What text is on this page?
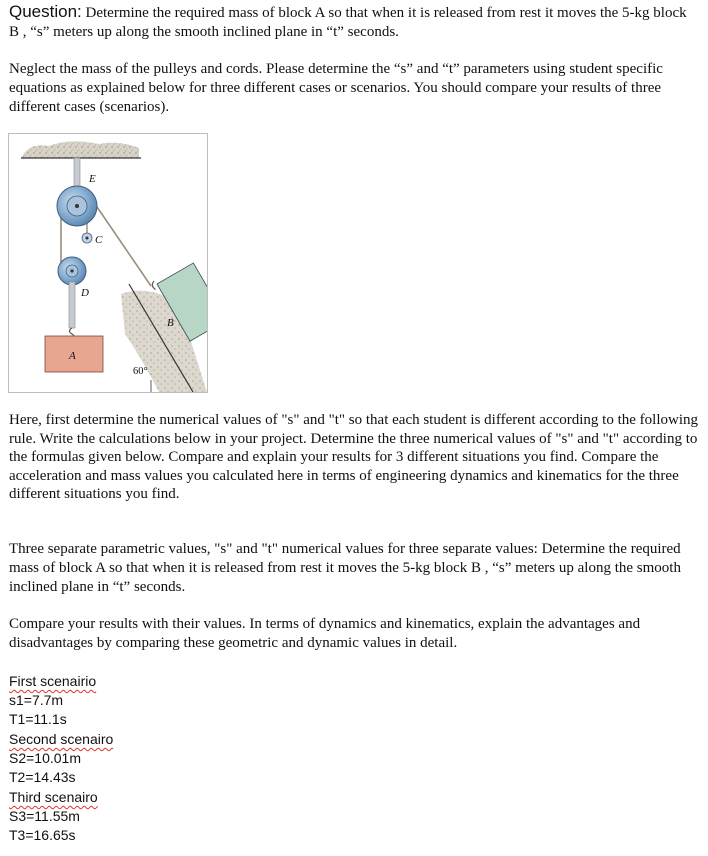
Question: Determine the required mass of block A so that when it is released from rest it moves the 5-kg block B , “s” meters up along the smooth inclined plane in “t” seconds.

Neglect the mass of the pulleys and cords. Please determine the “s” and “t” parameters using student specific equations as explained below for three different cases or scenarios. You should compare your results of three different cases (scenarios).

E
C
D
A
B
60°

Here, first determine the numerical values of "s" and "t" so that each student is different according to the following rule. Write the calculations below in your project. Determine the three numerical values of "s" and "t" according to the formulas given below. Compare and explain your results for 3 different situations you find. Compare the acceleration and mass values you calculated here in terms of engineering dynamics and kinematics for the three different situations you find.

Three separate parametric values, "s" and "t" numerical values for three separate values: Determine the required mass of block A so that when it is released from rest it moves the 5-kg block B , “s” meters up along the smooth inclined plane in “t” seconds.

Compare your results with their values. In terms of dynamics and kinematics, explain the advantages and disadvantages by comparing these geometric and dynamic values in detail.

First scenairio
s1=7.7m
T1=11.1s
Second scenairo
S2=10.01m
T2=14.43s
Third scenairo
S3=11.55m
T3=16.65s
